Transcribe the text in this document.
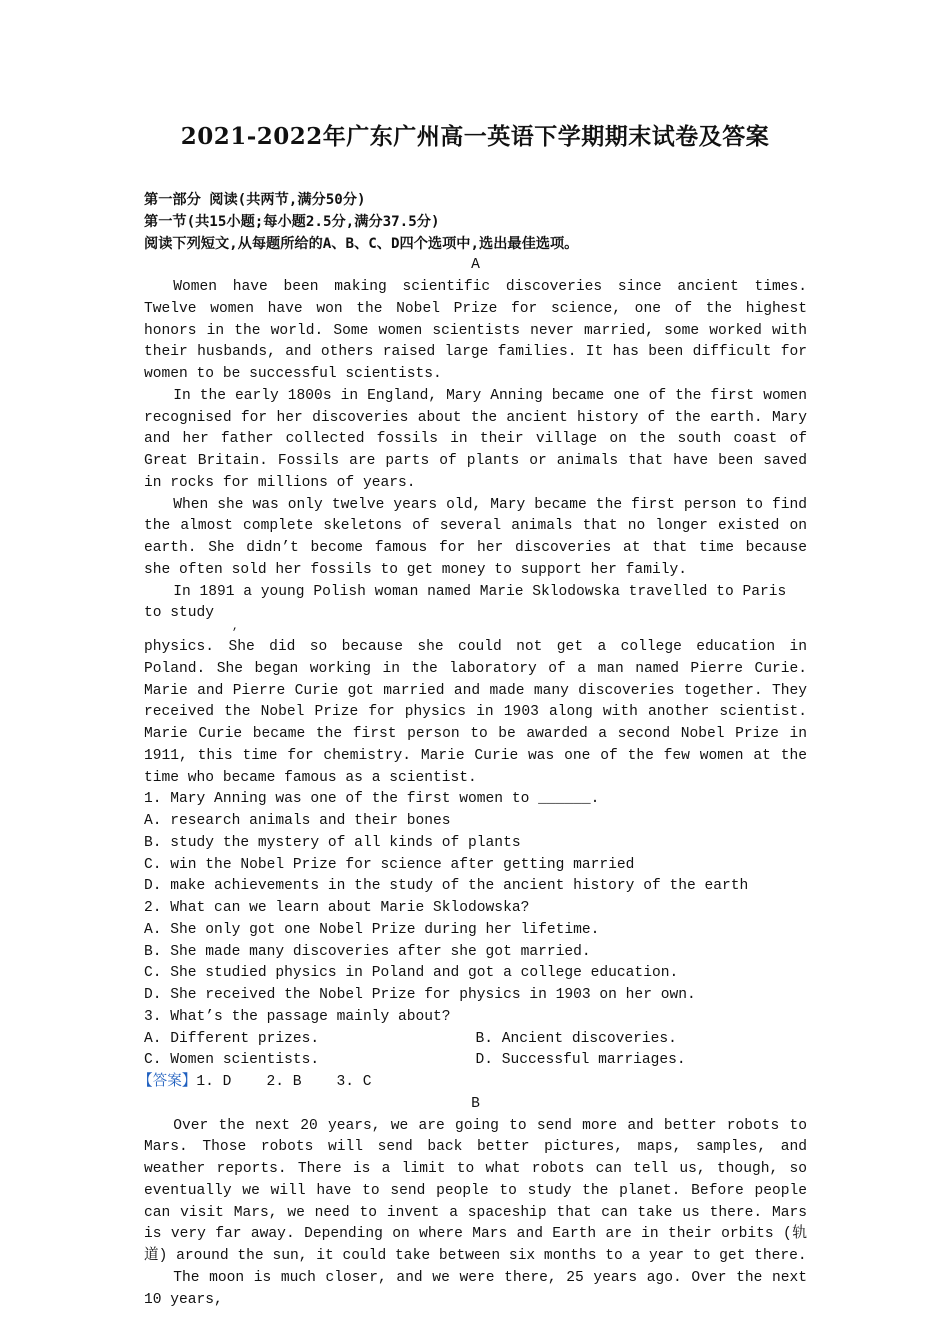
2021-2022年广东广州高一英语下学期期末试卷及答案

第一部分 阅读(共两节,满分50分)

第一节(共15小题;每小题2.5分,满分37.5分)

阅读下列短文,从每题所给的A、B、C、D四个选项中,选出最佳选项。

A

Women have been making scientific discoveries since ancient times. Twelve women have won the Nobel Prize for science, one of the highest honors in the world. Some women scientists never married, some worked with their husbands, and others raised large families. It has been difficult for women to be successful scientists.

In the early 1800s in England, Mary Anning became one of the first women recognised for her discoveries about the ancient history of the earth. Mary and her father collected fossils in their village on the south coast of Great Britain. Fossils are parts of plants or animals that have been saved in rocks for millions of years.

When she was only twelve years old, Mary became the first person to find the almost complete skeletons of several animals that no longer existed on earth. She didn’t become famous for her discoveries at that time because she often sold her fossils to get money to support her family.

In 1891 a young Polish woman named Marie Sklodowska travelled to Paris to study

,

physics. She did so because she could not get a college education in Poland. She began working in the laboratory of a man named Pierre Curie. Marie and Pierre Curie got married and made many discoveries together. They received the Nobel Prize for physics in 1903 along with another scientist. Marie Curie became the first person to be awarded a second Nobel Prize in 1911, this time for chemistry. Marie Curie was one of the few women at the time who became famous as a scientist.

1. Mary Anning was one of the first women to ______.

A. research animals and their bones

B. study the mystery of all kinds of plants

C. win the Nobel Prize for science after getting married

D. make achievements in the study of the ancient history of the earth

2. What can we learn about Marie Sklodowska?

A. She only got one Nobel Prize during her lifetime.

B. She made many discoveries after she got married.

C. She studied physics in Poland and got a college education.

D. She received the Nobel Prize for physics in 1903 on her own.

3. What’s the passage mainly about?

A. Different prizes.	B. Ancient discoveries.
C. Women scientists.	D. Successful marriages.

【答案】1. D    2. B    3. C

B

Over the next 20 years, we are going to send more and better robots to Mars. Those robots will send back better pictures, maps, samples, and weather reports. There is a limit to what robots can tell us, though, so eventually we will have to send people to study the planet. Before people can visit Mars, we need to invent a spaceship that can take us there. Mars is very far away. Depending on where Mars and Earth are in their orbits (轨道) around the sun, it could take between six months to a year to get there.

The moon is much closer, and we were there, 25 years ago. Over the next 10 years,
